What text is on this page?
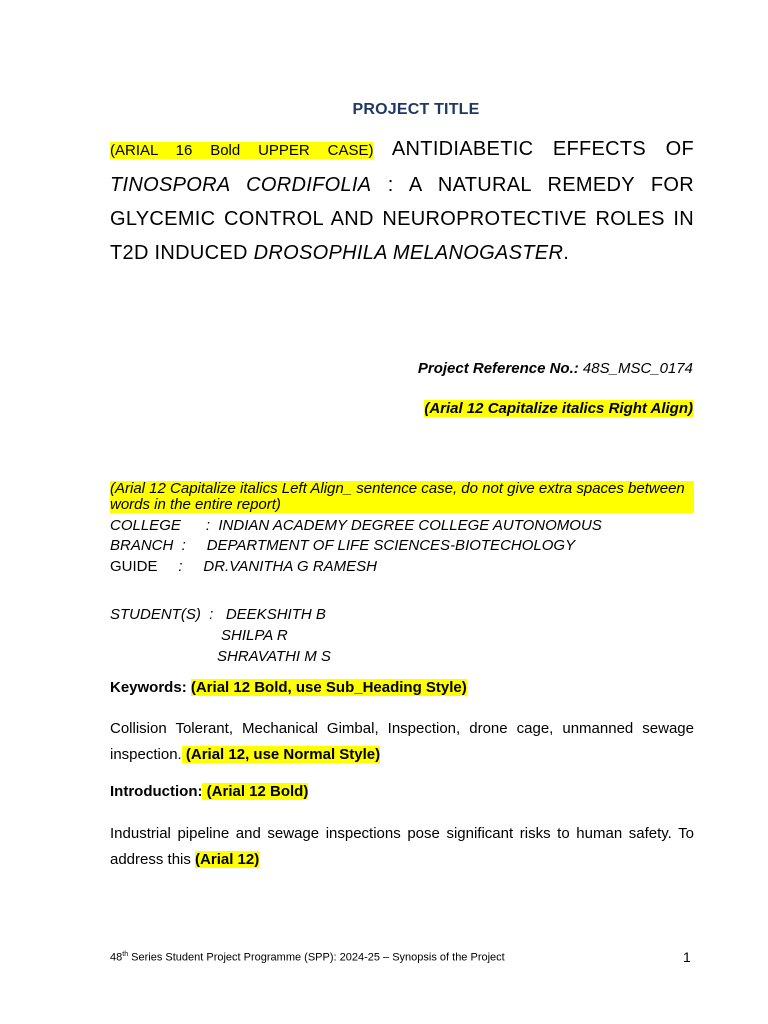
PROJECT TITLE
(ARIAL 16 Bold UPPER CASE) ANTIDIABETIC EFFECTS OF TINOSPORA CORDIFOLIA : A NATURAL REMEDY FOR GLYCEMIC CONTROL AND NEUROPROTECTIVE ROLES IN T2D INDUCED DROSOPHILA MELANOGASTER.
Project Reference No.: 48S_MSC_0174
(Arial 12 Capitalize italics Right Align)
(Arial 12 Capitalize italics Left Align_ sentence case, do not give extra spaces between words in the entire report)
COLLEGE      :  INDIAN ACADEMY DEGREE COLLEGE AUTONOMOUS
BRANCH  :     DEPARTMENT OF LIFE SCIENCES-BIOTECHOLOGY
GUIDE     :     DR.VANITHA G RAMESH
STUDENT(S)  :   DEEKSHITH B
SHILPA R
SHRAVATHI M S
Keywords: (Arial 12 Bold, use Sub_Heading Style)
Collision Tolerant, Mechanical Gimbal, Inspection, drone cage, unmanned sewage inspection. (Arial 12, use Normal Style)
Introduction: (Arial 12 Bold)
Industrial pipeline and sewage inspections pose significant risks to human safety. To address this (Arial 12)
48th Series Student Project Programme (SPP): 2024-25 – Synopsis of the Project	1
